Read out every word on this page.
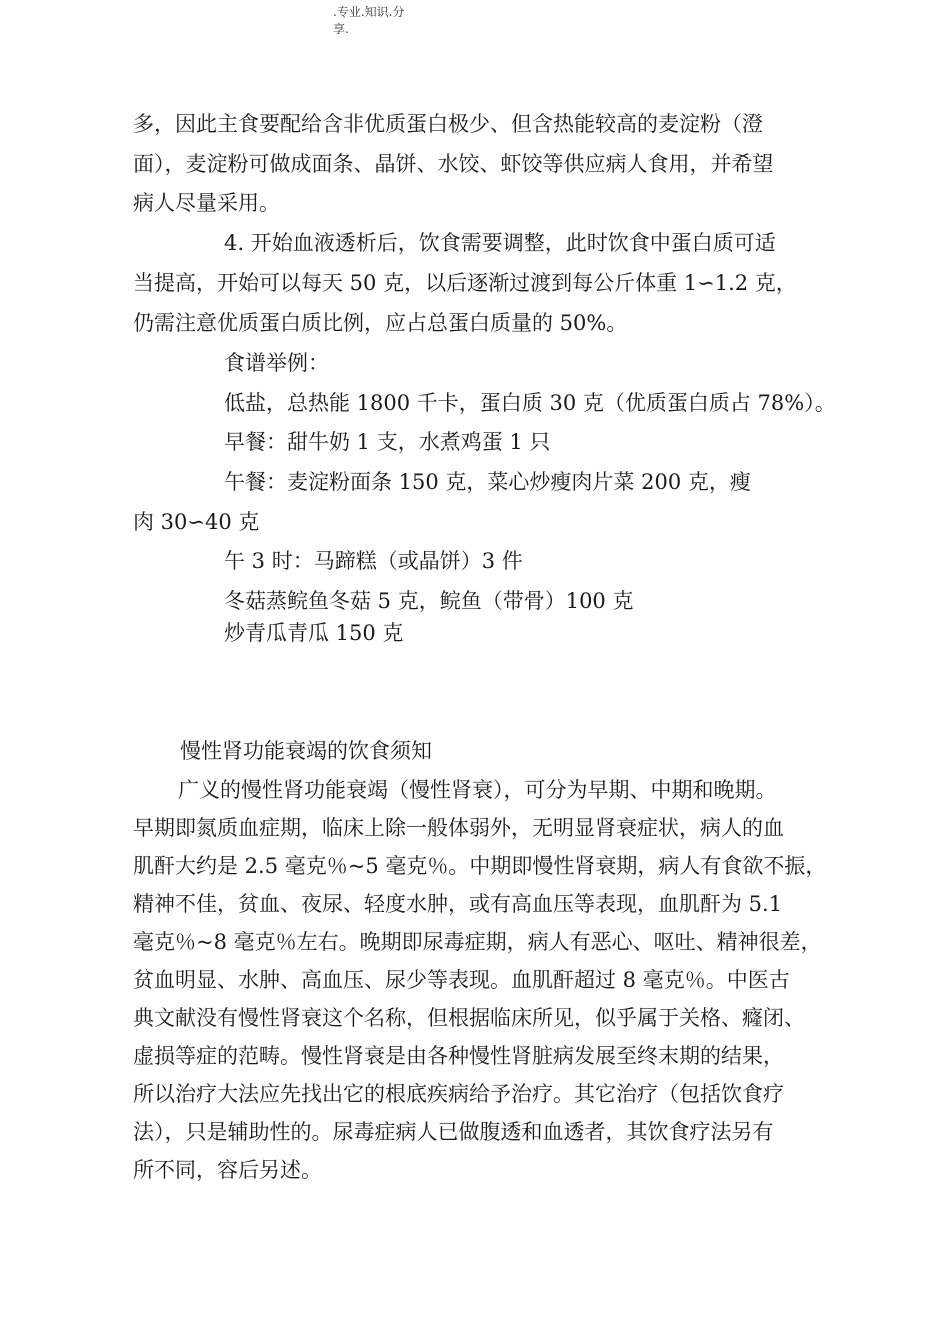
.专业.知识.分
享.
多，因此主食要配给含非优质蛋白极少、但含热能较高的麦淀粉（澄
面），麦淀粉可做成面条、晶饼、水饺、虾饺等供应病人食用，并希望
病人尽量采用。
4. 开始血液透析后，饮食需要调整，此时饮食中蛋白质可适
当提高，开始可以每天 50 克，以后逐渐过渡到每公斤体重 1∽1.2 克，
仍需注意优质蛋白质比例，应占总蛋白质量的 50%。
食谱举例：
低盐，总热能 1800 千卡，蛋白质 30 克（优质蛋白质占 78%）。
早餐：甜牛奶 1 支，水煮鸡蛋 1 只
午餐：麦淀粉面条 150 克，菜心炒瘦肉片菜 200 克，瘦
肉 30∽40 克
午 3 时：马蹄糕（或晶饼）3 件
冬菇蒸鲩鱼冬菇 5 克，鲩鱼（带骨）100 克
炒青瓜青瓜 150 克
慢性肾功能衰竭的饮食须知
广义的慢性肾功能衰竭（慢性肾衰），可分为早期、中期和晚期。
早期即氮质血症期，临床上除一般体弱外，无明显肾衰症状，病人的血
肌酐大约是 2.5 毫克％~5 毫克％。中期即慢性肾衰期，病人有食欲不振，
精神不佳，贫血、夜尿、轻度水肿，或有高血压等表现，血肌酐为 5.1
毫克％~8 毫克％左右。晚期即尿毒症期，病人有恶心、呕吐、精神很差，
贫血明显、水肿、高血压、尿少等表现。血肌酐超过 8 毫克％。中医古
典文献没有慢性肾衰这个名称，但根据临床所见，似乎属于关格、癃闭、
虚损等症的范畴。慢性肾衰是由各种慢性肾脏病发展至终末期的结果，
所以治疗大法应先找出它的根底疾病给予治疗。其它治疗（包括饮食疗
法），只是辅助性的。尿毒症病人已做腹透和血透者，其饮食疗法另有
所不同，容后另述。
